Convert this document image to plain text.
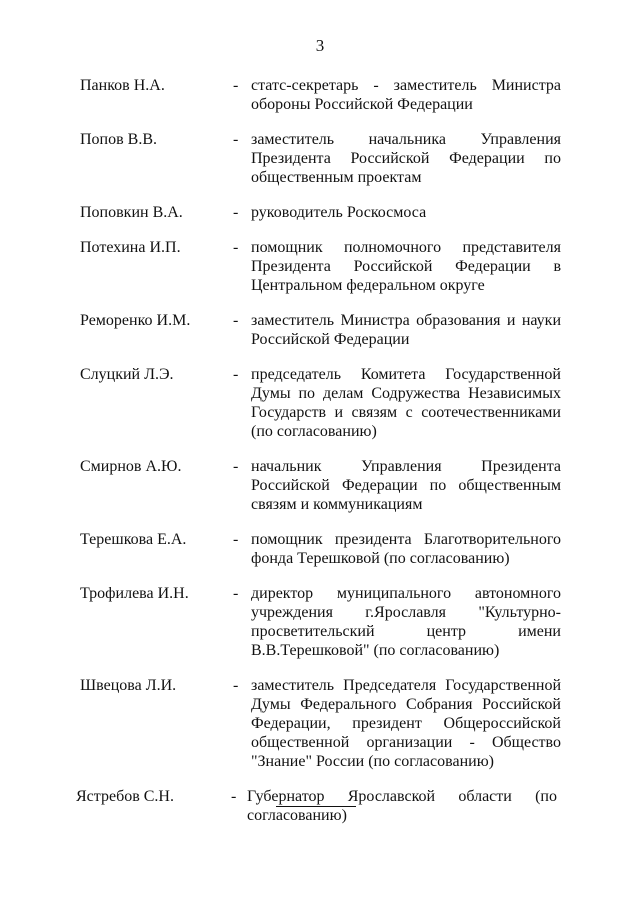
3
Панков Н.А.	- статс-секретарь - заместитель Министра обороны Российской Федерации
Попов В.В.	- заместитель начальника Управления Президента Российской Федерации по общественным проектам
Поповкин В.А.	- руководитель Роскосмоса
Потехина И.П.	- помощник полномочного представителя Президента Российской Федерации в Центральном федеральном округе
Реморенко И.М.	- заместитель Министра образования и науки Российской Федерации
Слуцкий Л.Э.	- председатель Комитета Государственной Думы по делам Содружества Независимых Государств и связям с соотечественниками (по согласованию)
Смирнов А.Ю.	- начальник Управления Президента Российской Федерации по общественным связям и коммуникациям
Терешкова Е.А.	- помощник президента Благотворительного фонда Терешковой (по согласованию)
Трофилева И.Н.	- директор муниципального автономного учреждения г.Ярославля "Культурно-просветительский центр имени В.В.Терешковой" (по согласованию)
Швецова Л.И.	- заместитель Председателя Государственной Думы Федерального Собрания Российской Федерации, президент Общероссийской общественной организации - Общество "Знание" России (по согласованию)
Ястребов С.Н.	- Губернатор Ярославской области (по согласованию)
